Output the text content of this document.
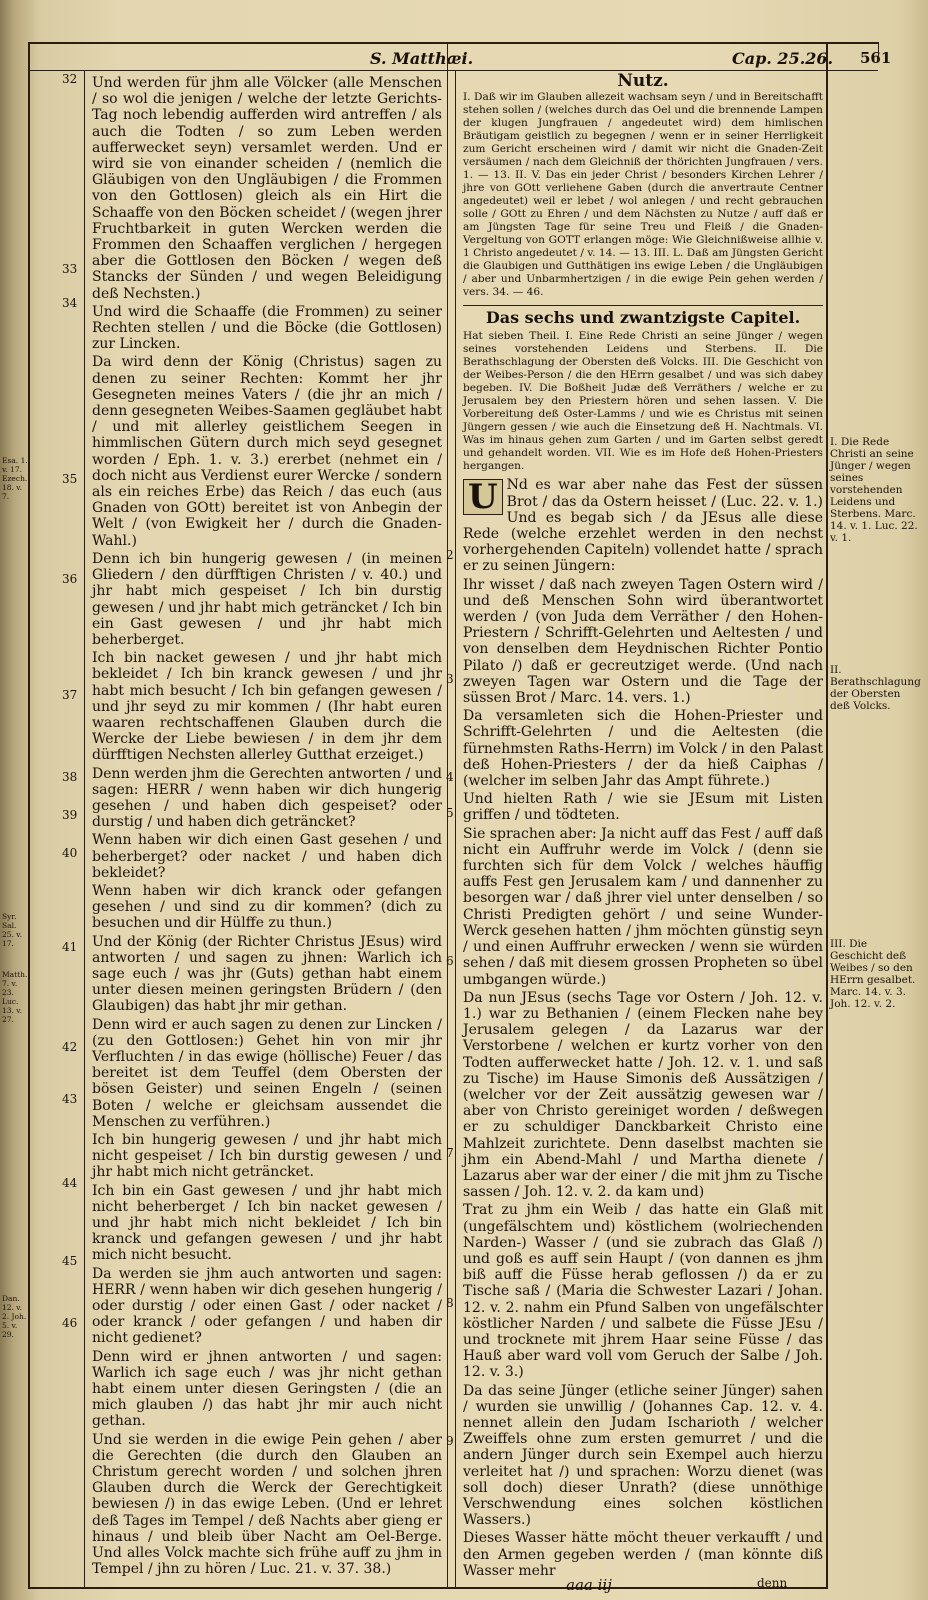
S. Matthæi.	Cap. 25.26. 561
Esa. 1. v. 17. Ezech. 18. v. 7.
Syr. Sal. 25. v. 17.
Matth. 7. v. 23. Luc. 13. v. 27.
Dan. 12. v. 2. Joh. 5. v. 29.
32
33
34
35
36
37
38
39
40
41
42
43
44
45
46

Und werden für jhm alle Völcker (alle Menschen / so wol die jenigen / welche der letzte Gerichts-Tag noch lebendig aufferden wird antreffen / als auch die Todten / so zum Leben werden aufferwecket seyn) versamlet werden. Und er wird sie von einander scheiden / (nemlich die Gläubigen von den Ungläubigen / die Frommen von den Gottlosen) gleich als ein Hirt die Schaaffe von den Böcken scheidet / (wegen jhrer Fruchtbarkeit in guten Wercken werden die Frommen den Schaaffen verglichen / hergegen aber die Gottlosen den Böcken / wegen deß Stancks der Sünden / und wegen Beleidigung deß Nechsten.)

Und wird die Schaaffe (die Frommen) zu seiner Rechten stellen / und die Böcke (die Gottlosen) zur Lincken.

Da wird denn der König (Christus) sagen zu denen zu seiner Rechten: Kommt her jhr Gesegneten meines Vaters / (die jhr an mich / denn gesegneten Weibes-Saamen gegläubet habt / und mit allerley geistlichem Seegen in himmlischen Gütern durch mich seyd gesegnet worden / Eph. 1. v. 3.) ererbet (nehmet ein / doch nicht aus Verdienst eurer Wercke / sondern als ein reiches Erbe) das Reich / das euch (aus Gnaden von GOtt) bereitet ist von Anbegin der Welt / (von Ewigkeit her / durch die Gnaden-Wahl.)

Denn ich bin hungerig gewesen / (in meinen Gliedern / den dürfftigen Christen / v. 40.) und jhr habt mich gespeiset / Ich bin durstig gewesen / und jhr habt mich geträncket / Ich bin ein Gast gewesen / und jhr habt mich beherberget.

Ich bin nacket gewesen / und jhr habt mich bekleidet / Ich bin kranck gewesen / und jhr habt mich besucht / Ich bin gefangen gewesen / und jhr seyd zu mir kommen / (Ihr habt euren waaren rechtschaffenen Glauben durch die Wercke der Liebe bewiesen / in dem jhr dem dürfftigen Nechsten allerley Gutthat erzeiget.)

Denn werden jhm die Gerechten antworten / und sagen: HERR / wenn haben wir dich hungerig gesehen / und haben dich gespeiset? oder durstig / und haben dich geträncket?

Wenn haben wir dich einen Gast gesehen / und beherberget? oder nacket / und haben dich bekleidet?

Wenn haben wir dich kranck oder gefangen gesehen / und sind zu dir kommen? (dich zu besuchen und dir Hülffe zu thun.)

Und der König (der Richter Christus JEsus) wird antworten / und sagen zu jhnen: Warlich ich sage euch / was jhr (Guts) gethan habt einem unter diesen meinen geringsten Brüdern / (den Glaubigen) das habt jhr mir gethan.

Denn wird er auch sagen zu denen zur Lincken / (zu den Gottlosen:) Gehet hin von mir jhr Verfluchten / in das ewige (höllische) Feuer / das bereitet ist dem Teuffel (dem Obersten der bösen Geister) und seinen Engeln / (seinen Boten / welche er gleichsam aussendet die Menschen zu verführen.)

Ich bin hungerig gewesen / und jhr habt mich nicht gespeiset / Ich bin durstig gewesen / und jhr habt mich nicht geträncket.

Ich bin ein Gast gewesen / und jhr habt mich nicht beherberget / Ich bin nacket gewesen / und jhr habt mich nicht bekleidet / Ich bin kranck und gefangen gewesen / und jhr habt mich nicht besucht.

Da werden sie jhm auch antworten und sagen: HERR / wenn haben wir dich gesehen hungerig / oder durstig / oder einen Gast / oder nacket / oder kranck / oder gefangen / und haben dir nicht gedienet?

Denn wird er jhnen antworten / und sagen: Warlich ich sage euch / was jhr nicht gethan habt einem unter diesen Geringsten / (die an mich glauben /) das habt jhr mir auch nicht gethan.

Und sie werden in die ewige Pein gehen / aber die Gerechten (die durch den Glauben an Christum gerecht worden / und solchen jhren Glauben durch die Werck der Gerechtigkeit bewiesen /) in das ewige Leben. (Und er lehret deß Tages im Tempel / deß Nachts aber gieng er hinaus / und bleib über Nacht am Oel-Berge. Und alles Volck machte sich frühe auff zu jhm in Tempel / jhn zu hören / Luc. 21. v. 37. 38.)

2
3
4
5
6
7
8
9
Nutz.
I. Daß wir im Glauben allezeit wachsam seyn / und in Bereitschafft stehen sollen / (welches durch das Oel und die brennende Lampen der klugen Jungfrauen / angedeutet wird) dem himlischen Bräutigam geistlich zu begegnen / wenn er in seiner Herrligkeit zum Gericht erscheinen wird / damit wir nicht die Gnaden-Zeit versäumen / nach dem Gleichniß der thörichten Jungfrauen / vers. 1. — 13. II. V. Das ein jeder Christ / besonders Kirchen Lehrer / jhre von GOtt verliehene Gaben (durch die anvertraute Centner angedeutet) weil er lebet / wol anlegen / und recht gebrauchen solle / GOtt zu Ehren / und dem Nächsten zu Nutze / auff daß er am Jüngsten Tage für seine Treu und Fleiß / die Gnaden-Vergeltung von GOTT erlangen möge: Wie Gleichnißweise allhie v. 1 Christo angedeutet / v. 14. — 13. III. L. Daß am Jüngsten Gericht die Glaubigen und Gutthätigen ins ewige Leben / die Ungläubigen / aber und Unbarmhertzigen / in die ewige Pein gehen werden / vers. 34. — 46.
Das sechs und zwantzigste Capitel.
Hat sieben Theil. I. Eine Rede Christi an seine Jünger / wegen seines vorstehenden Leidens und Sterbens. II. Die Berathschlagung der Obersten deß Volcks. III. Die Geschicht von der Weibes-Person / die den HErrn gesalbet / und was sich dabey begeben. IV. Die Boßheit Judæ deß Verräthers / welche er zu Jerusalem bey den Priestern hören und sehen lassen. V. Die Vorbereitung deß Oster-Lamms / und wie es Christus mit seinen Jüngern gessen / wie auch die Einsetzung deß H. Nachtmals. VI. Was im hinaus gehen zum Garten / und im Garten selbst geredt und gehandelt worden. VII. Wie es im Hofe deß Hohen-Priesters hergangen.
U Nd es war aber nahe das Fest der süssen Brot / das da Ostern heisset / (Luc. 22. v. 1.) Und es begab sich / da JEsus alle diese Rede (welche erzehlet werden in den nechst vorhergehenden Capiteln) vollendet hatte / sprach er zu seinen Jüngern:

Ihr wisset / daß nach zweyen Tagen Ostern wird / und deß Menschen Sohn wird überantwortet werden / (von Juda dem Verräther / den Hohen-Priestern / Schrifft-Gelehrten und Aeltesten / und von denselben dem Heydnischen Richter Pontio Pilato /) daß er gecreutziget werde. (Und nach zweyen Tagen war Ostern und die Tage der süssen Brot / Marc. 14. vers. 1.)

Da versamleten sich die Hohen-Priester und Schrifft-Gelehrten / und die Aeltesten (die fürnehmsten Raths-Herrn) im Volck / in den Palast deß Hohen-Priesters / der da hieß Caiphas / (welcher im selben Jahr das Ampt führete.)

Und hielten Rath / wie sie JEsum mit Listen griffen / und tödteten.

Sie sprachen aber: Ja nicht auff das Fest / auff daß nicht ein Auffruhr werde im Volck / (denn sie furchten sich für dem Volck / welches häuffig auffs Fest gen Jerusalem kam / und dannenher zu besorgen war / daß jhrer viel unter denselben / so Christi Predigten gehört / und seine Wunder-Werck gesehen hatten / jhm möchten günstig seyn / und einen Auffruhr erwecken / wenn sie würden sehen / daß mit diesem grossen Propheten so übel umbgangen würde.)

Da nun JEsus (sechs Tage vor Ostern / Joh. 12. v. 1.) war zu Bethanien / (einem Flecken nahe bey Jerusalem gelegen / da Lazarus war der Verstorbene / welchen er kurtz vorher von den Todten aufferwecket hatte / Joh. 12. v. 1. und saß zu Tische) im Hause Simonis deß Aussätzigen / (welcher vor der Zeit aussätzig gewesen war / aber von Christo gereiniget worden / deßwegen er zu schuldiger Danckbarkeit Christo eine Mahlzeit zurichtete. Denn daselbst machten sie jhm ein Abend-Mahl / und Martha dienete / Lazarus aber war der einer / die mit jhm zu Tische sassen / Joh. 12. v. 2. da kam und)

Trat zu jhm ein Weib / das hatte ein Glaß mit (ungefälschtem und) köstlichem (wolriechenden Narden-) Wasser / (und sie zubrach das Glaß /) und goß es auff sein Haupt / (von dannen es jhm biß auff die Füsse herab geflossen /) da er zu Tische saß / (Maria die Schwester Lazari / Johan. 12. v. 2. nahm ein Pfund Salben von ungefälschter köstlicher Narden / und salbete die Füsse JEsu / und trocknete mit jhrem Haar seine Füsse / das Hauß aber ward voll vom Geruch der Salbe / Joh. 12. v. 3.)

Da das seine Jünger (etliche seiner Jünger) sahen / wurden sie unwillig / (Johannes Cap. 12. v. 4. nennet allein den Judam Ischarioth / welcher Zweiffels ohne zum ersten gemurret / und die andern Jünger durch sein Exempel auch hierzu verleitet hat /) und sprachen: Worzu dienet (was soll doch) dieser Unrath? (diese unnöthige Verschwendung eines solchen köstlichen Wassers.)

Dieses Wasser hätte möcht theuer verkaufft / und den Armen gegeben werden / (man könnte diß Wasser mehr

I. Die Rede Christi an seine Jünger / wegen seines vorstehenden Leidens und Sterbens. Marc. 14. v. 1. Luc. 22. v. 1.
II. Berathschlagung der Obersten deß Volcks.
III. Die Geschicht deß Weibes / so den HErrn gesalbet. Marc. 14. v. 3. Joh. 12. v. 2.
aaa iij	denn
